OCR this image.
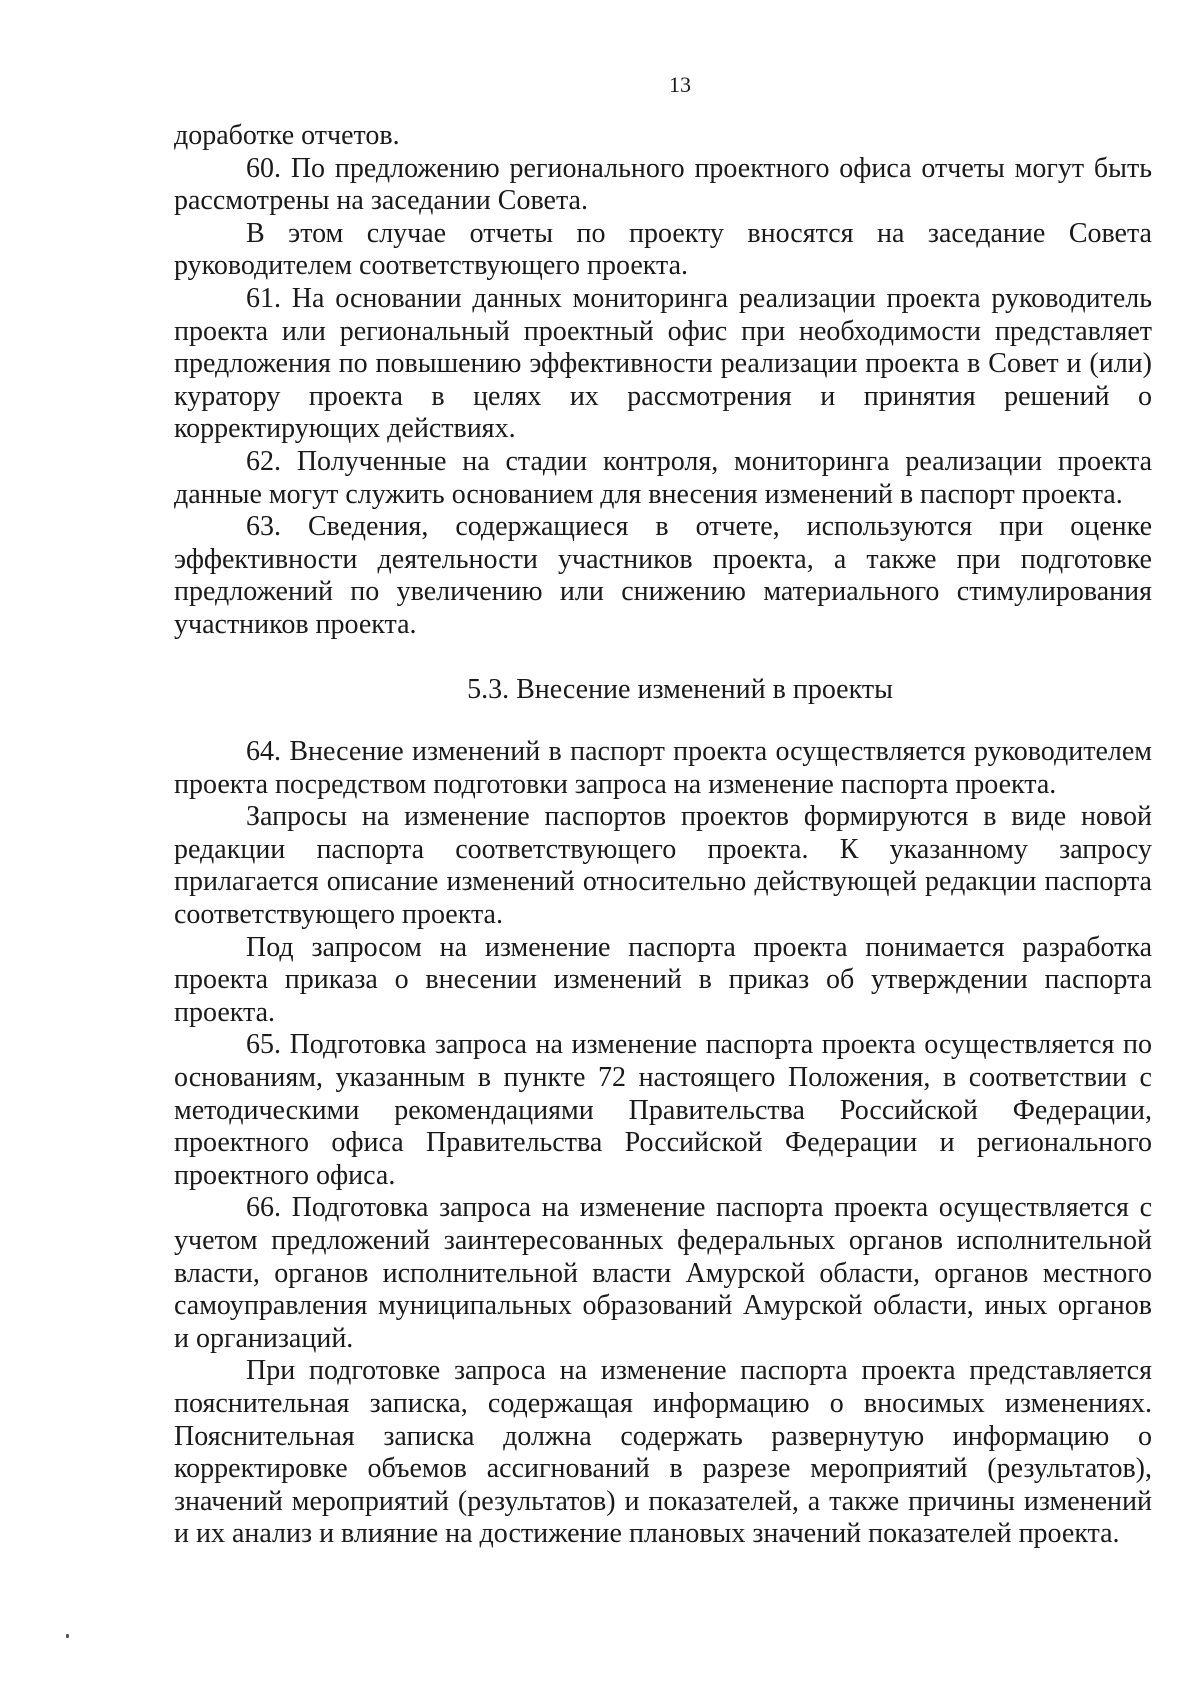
13

доработке отчетов.

60. По предложению регионального проектного офиса отчеты могут быть рассмотрены на заседании Совета.

В этом случае отчеты по проекту вносятся на заседание Совета руководителем соответствующего проекта.

61. На основании данных мониторинга реализации проекта руководитель проекта или региональный проектный офис при необходимости представляет предложения по повышению эффективности реализации проекта в Совет и (или) куратору проекта в целях их рассмотрения и принятия решений о корректирующих действиях.

62. Полученные на стадии контроля, мониторинга реализации проекта данные могут служить основанием для внесения изменений в паспорт проекта.

63. Сведения, содержащиеся в отчете, используются при оценке эффективности деятельности участников проекта, а также при подготовке предложений по увеличению или снижению материального стимулирования участников проекта.

5.3. Внесение изменений в проекты

64. Внесение изменений в паспорт проекта осуществляется руководителем проекта посредством подготовки запроса на изменение паспорта проекта.

Запросы на изменение паспортов проектов формируются в виде новой редакции паспорта соответствующего проекта. К указанному запросу прилагается описание изменений относительно действующей редакции паспорта соответствующего проекта.

Под запросом на изменение паспорта проекта понимается разработка проекта приказа о внесении изменений в приказ об утверждении паспорта проекта.

65. Подготовка запроса на изменение паспорта проекта осуществляется по основаниям, указанным в пункте 72 настоящего Положения, в соответствии с методическими рекомендациями Правительства Российской Федерации, проектного офиса Правительства Российской Федерации и регионального проектного офиса.

66. Подготовка запроса на изменение паспорта проекта осуществляется с учетом предложений заинтересованных федеральных органов исполнительной власти, органов исполнительной власти Амурской области, органов местного самоуправления муниципальных образований Амурской области, иных органов и организаций.

При подготовке запроса на изменение паспорта проекта представляется пояснительная записка, содержащая информацию о вносимых изменениях. Пояснительная записка должна содержать развернутую информацию о корректировке объемов ассигнований в разрезе мероприятий (результатов), значений мероприятий (результатов) и показателей, а также причины изменений и их анализ и влияние на достижение плановых значений показателей проекта.
